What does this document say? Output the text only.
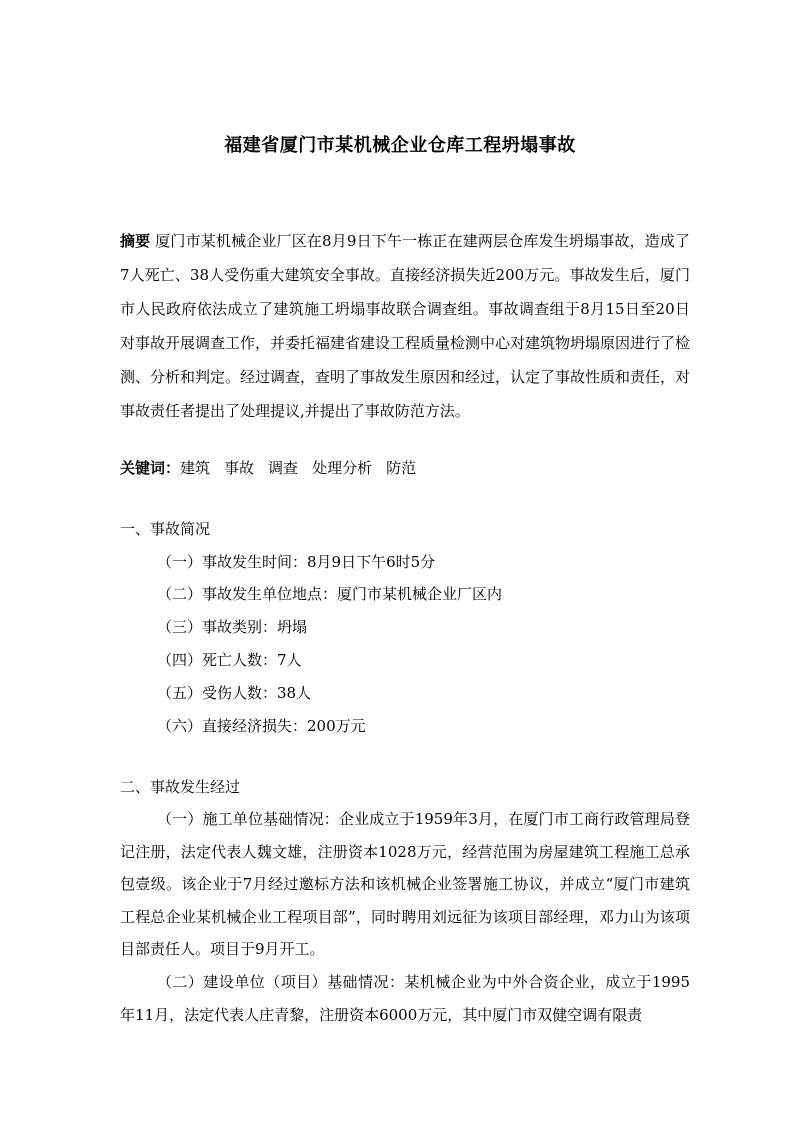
福建省厦门市某机械企业仓库工程坍塌事故
摘要 厦门市某机械企业厂区在8月9日下午一栋正在建两层仓库发生坍塌事故，造成了7人死亡、38人受伤重大建筑安全事故。直接经济损失近200万元。事故发生后，厦门市人民政府依法成立了建筑施工坍塌事故联合调查组。事故调查组于8月15日至20日对事故开展调查工作，并委托福建省建设工程质量检测中心对建筑物坍塌原因进行了检测、分析和判定。经过调查，查明了事故发生原因和经过，认定了事故性质和责任，对事故责任者提出了处理提议,并提出了事故防范方法。
关键词：建筑 事故 调查 处理分析 防范
一、事故简况
（一）事故发生时间：8月9日下午6时5分
（二）事故发生单位地点：厦门市某机械企业厂区内
（三）事故类别：坍塌
（四）死亡人数：7人
（五）受伤人数：38人
（六）直接经济损失：200万元
二、事故发生经过
（一）施工单位基础情况：企业成立于1959年3月，在厦门市工商行政管理局登记注册，法定代表人魏文雄，注册资本1028万元，经营范围为房屋建筑工程施工总承包壹级。该企业于7月经过邀标方法和该机械企业签署施工协议，并成立“厦门市建筑工程总企业某机械企业工程项目部”，同时聘用刘远征为该项目部经理，邓力山为该项目部责任人。项目于9月开工。
（二）建设单位（项目）基础情况：某机械企业为中外合资企业，成立于1995年11月，法定代表人庄青黎，注册资本6000万元，其中厦门市双健空调有限责
